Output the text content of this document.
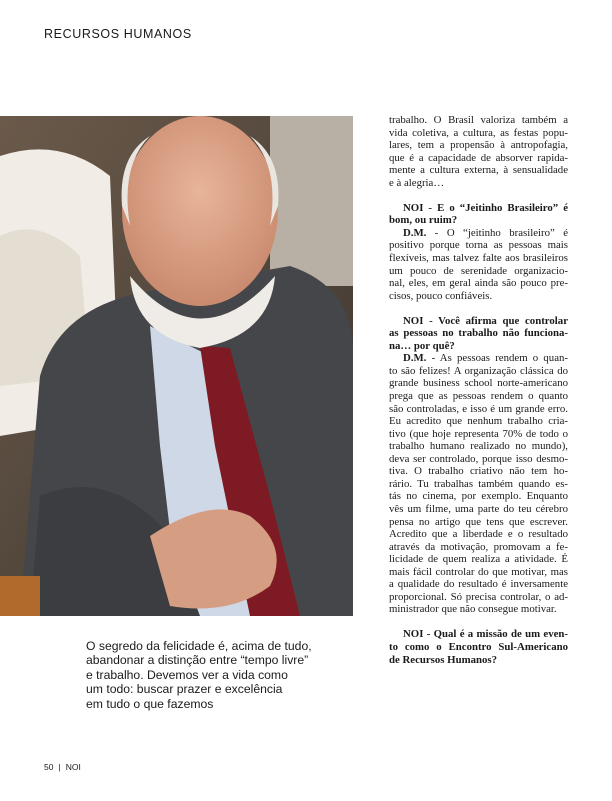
RECURSOS HUMANOS
O segredo da felicidade é, acima de tudo,
abandonar a distinção entre “tempo livre”
e trabalho. Devemos ver a vida como
um todo: buscar prazer e excelência
em tudo o que fazemos
trabalho. O Brasil valoriza também a
vida coletiva, a cultura, as festas popu-
lares, tem a propensão à antropofagia,
que é a capacidade de absorver rapida-
mente a cultura externa, à sensualidade
e à alegria…
NOI - E o “Jeitinho Brasileiro” é
bom, ou ruim?
D.M. - O “jeitinho brasileiro” é
positivo porque torna as pessoas mais
flexíveis, mas talvez falte aos brasileiros
um pouco de serenidade organizacio-
nal, eles, em geral ainda são pouco pre-
cisos, pouco confiáveis.
NOI - Você afirma que controlar
as pessoas no trabalho não funciona-
na… por quê?
D.M. - As pessoas rendem o quan-
to são felizes! A organização clássica do
grande business school norte-americano
prega que as pessoas rendem o quanto
são controladas, e isso é um grande erro.
Eu acredito que nenhum trabalho cria-
tivo (que hoje representa 70% de todo o
trabalho humano realizado no mundo),
deva ser controlado, porque isso desmo-
tiva. O trabalho criativo não tem ho-
rário. Tu trabalhas também quando es-
tás no cinema, por exemplo. Enquanto
vês um filme, uma parte do teu cérebro
pensa no artigo que tens que escrever.
Acredito que a liberdade e o resultado
através da motivação, promovam a fe-
licidade de quem realiza a atividade. É
mais fácil controlar do que motivar, mas
a qualidade do resultado é inversamente
proporcional. Só precisa controlar, o ad-
ministrador que não consegue motivar.
NOI - Qual é a missão de um even-
to como o Encontro Sul-Americano
de Recursos Humanos?
50 | NOI
